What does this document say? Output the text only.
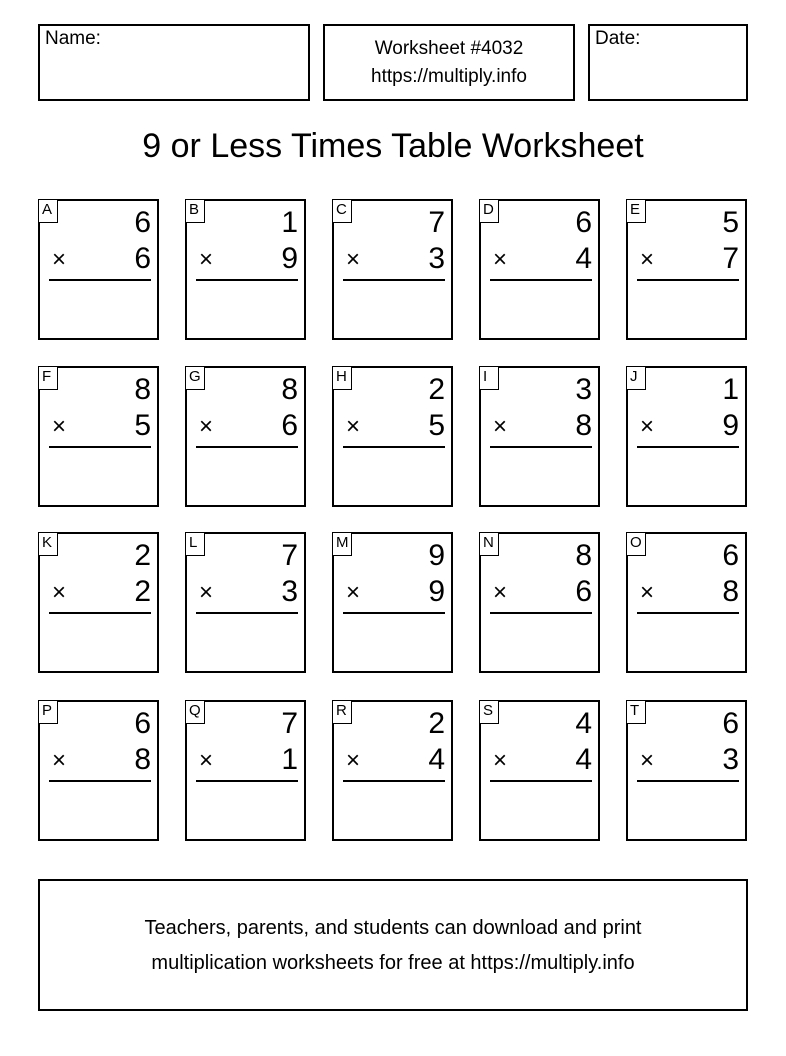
Name:	Worksheet #4032
https://multiply.info
Date:
9 or Less Times Table Worksheet
A	6
× 6
B	1
× 9
C	7
× 3
D	6
× 4
E	5
× 7
F	8
× 5
G	8
× 6
H	2
× 5
I	3
× 8
J	1
× 9
K	2
× 2
L	7
× 3
M	9
× 9
N	8
× 6
O	6
× 8
P	6
× 8
Q	7
× 1
R	2
× 4
S	4
× 4
T	6
× 3
Teachers, parents, and students can download and print
multiplication worksheets for free at https://multiply.info
